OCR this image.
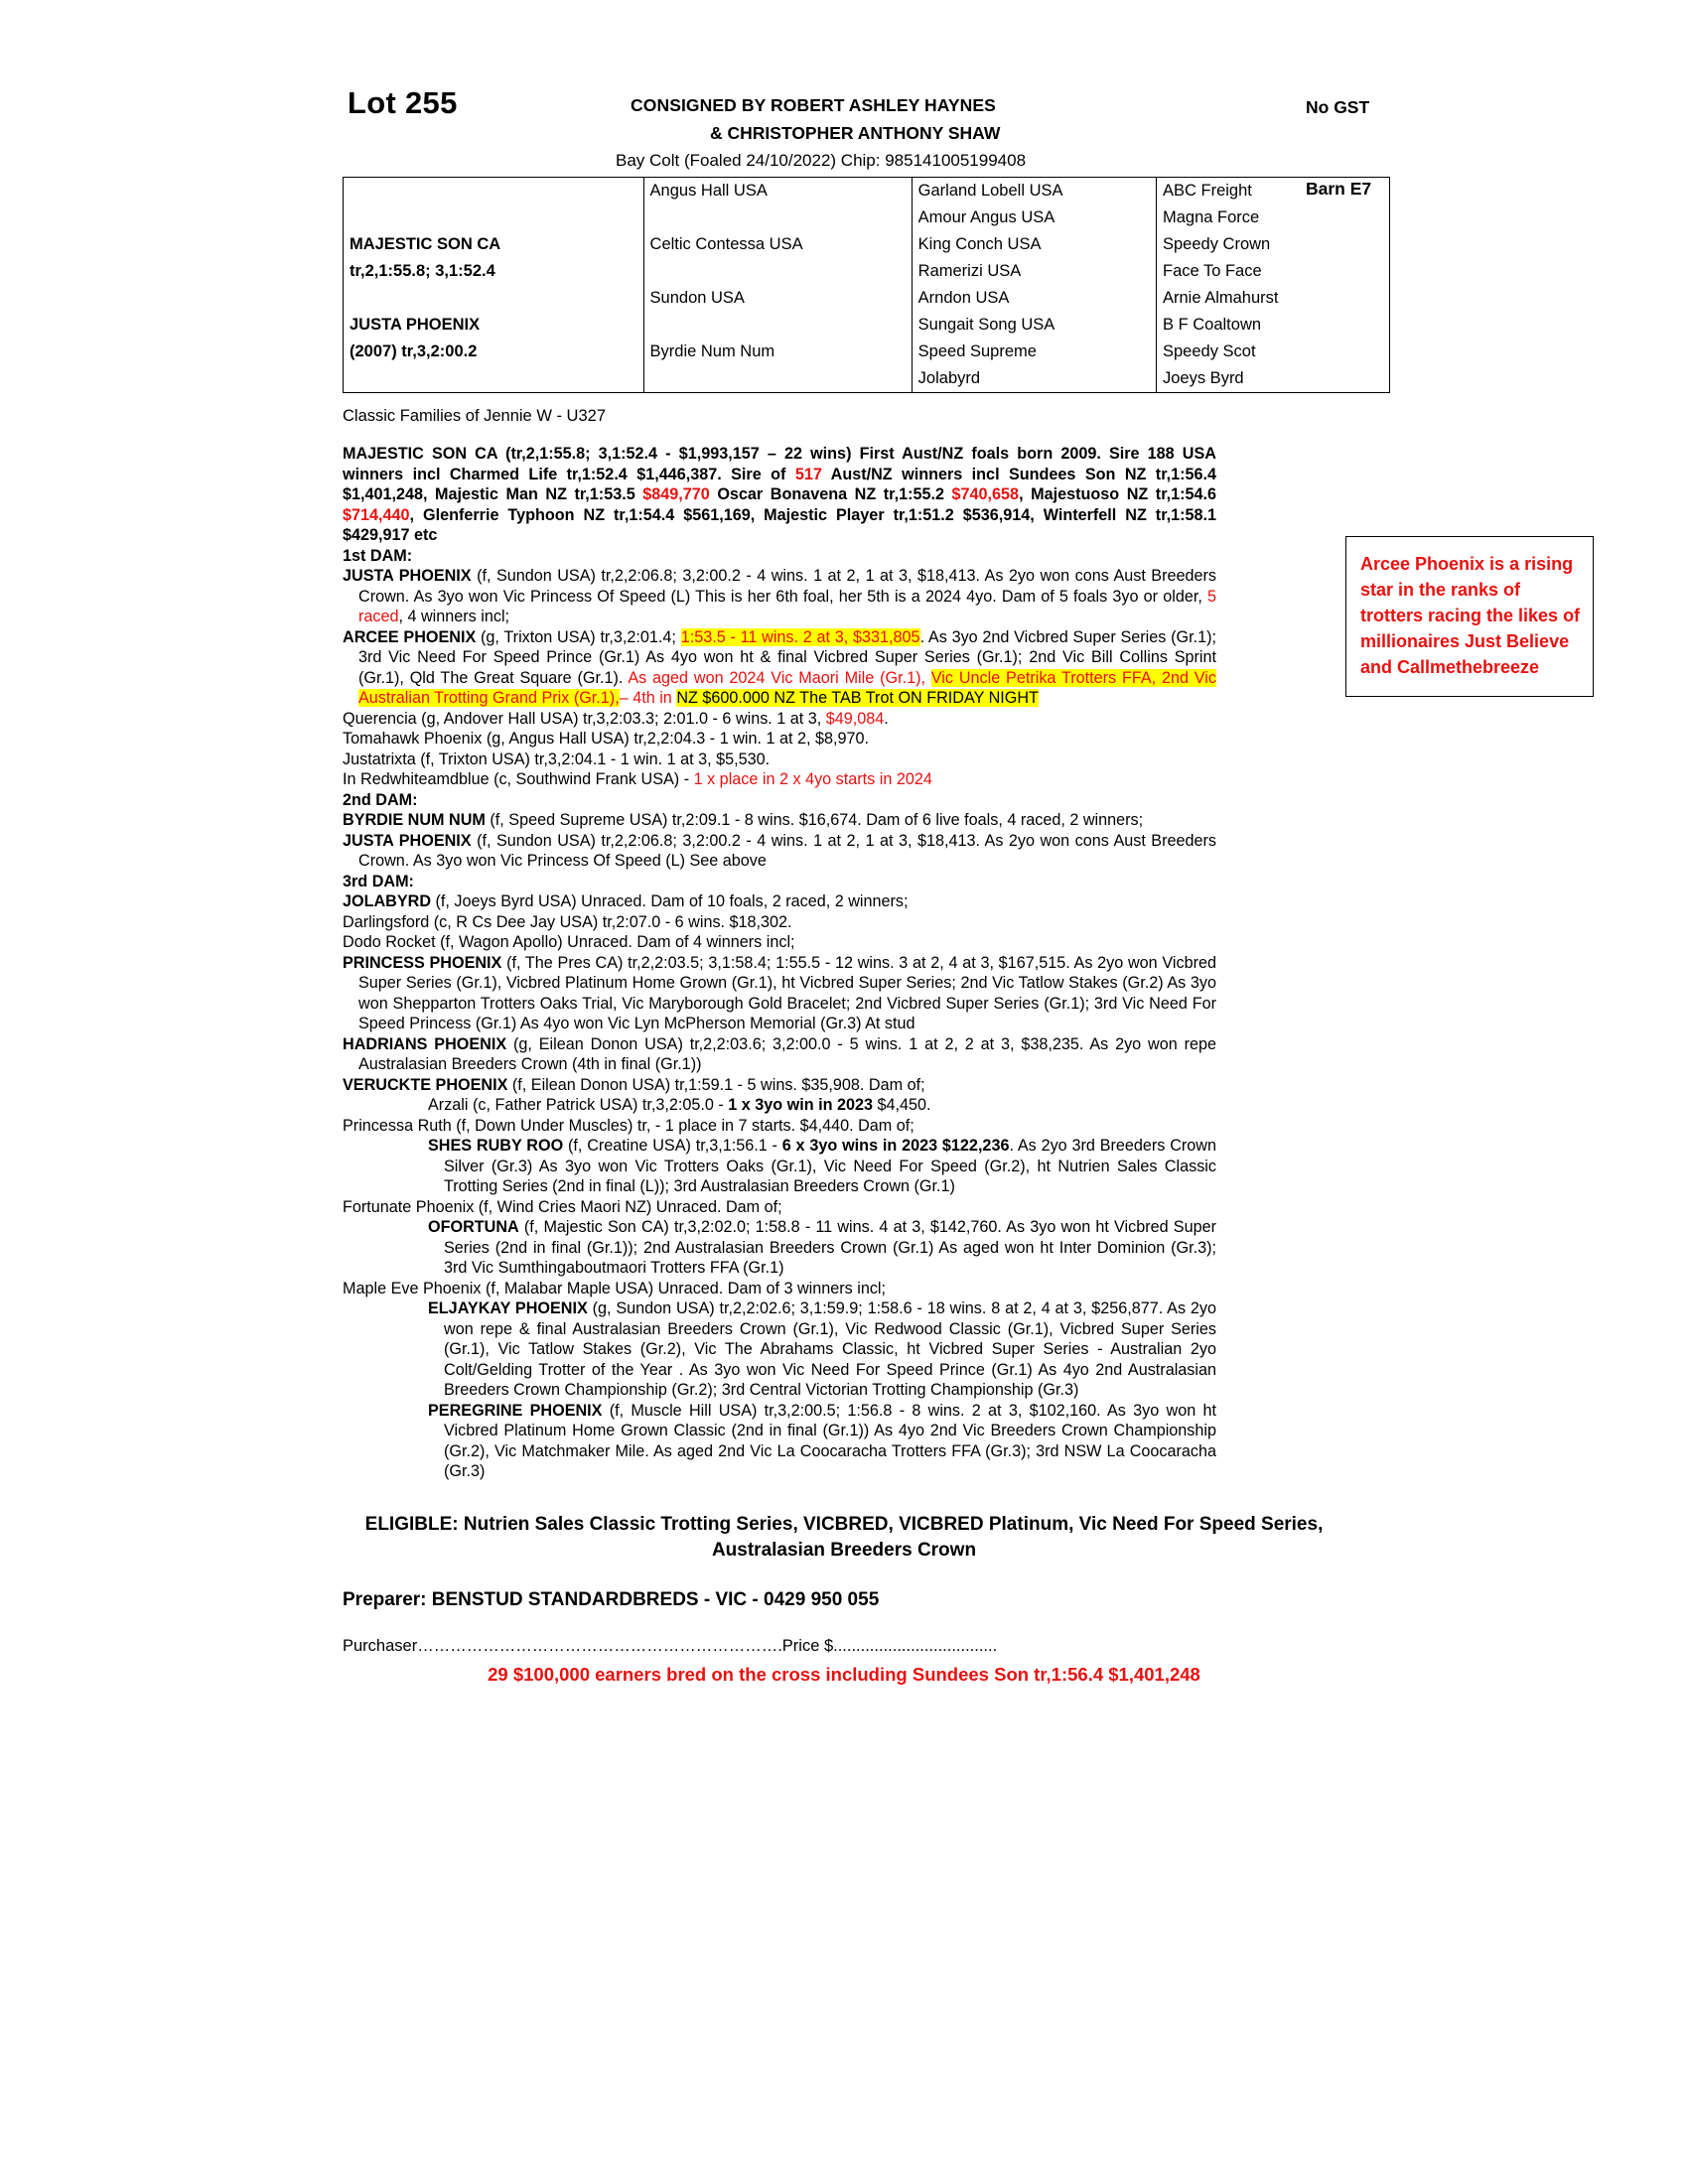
Lot 255	CONSIGNED BY ROBERT ASHLEY HAYNES
& CHRISTOPHER ANTHONY SHAW
Bay Colt (Foaled 24/10/2022) Chip: 985141005199408
No GST
Barn E7
	Angus Hall USA	Garland Lobell USA	ABC Freight
		Amour Angus USA	Magna Force
MAJESTIC SON CA	Celtic Contessa USA	King Conch USA	Speedy Crown
tr,2,1:55.8; 3,1:52.4		Ramerizi USA	Face To Face
	Sundon USA	Arndon USA	Arnie Almahurst
JUSTA PHOENIX		Sungait Song USA	B F Coaltown
(2007) tr,3,2:00.2	Byrdie Num Num	Speed Supreme	Speedy Scot
		Jolabyrd	Joeys Byrd
Classic Families of Jennie W - U327
Arcee Phoenix is a rising star in the ranks of trotters racing the likes of millionaires Just Believe and Callmethebreeze

MAJESTIC SON CA (tr,2,1:55.8; 3,1:52.4 - $1,993,157 – 22 wins) First Aust/NZ foals born 2009. Sire 188 USA winners incl Charmed Life tr,1:52.4 $1,446,387. Sire of 517 Aust/NZ winners incl Sundees Son NZ tr,1:56.4 $1,401,248, Majestic Man NZ tr,1:53.5 $849,770 Oscar Bonavena NZ tr,1:55.2 $740,658, Majestuoso NZ tr,1:54.6 $714,440, Glenferrie Typhoon NZ tr,1:54.4 $561,169, Majestic Player tr,1:51.2 $536,914, Winterfell NZ tr,1:58.1 $429,917 etc

1st DAM:

JUSTA PHOENIX (f, Sundon USA) tr,2,2:06.8; 3,2:00.2 - 4 wins. 1 at 2, 1 at 3, $18,413. As 2yo won cons Aust Breeders Crown. As 3yo won Vic Princess Of Speed (L) This is her 6th foal, her 5th is a 2024 4yo. Dam of 5 foals 3yo or older, 5 raced, 4 winners incl;

ARCEE PHOENIX (g, Trixton USA) tr,3,2:01.4; 1:53.5 - 11 wins. 2 at 3, $331,805. As 3yo 2nd Vicbred Super Series (Gr.1); 3rd Vic Need For Speed Prince (Gr.1) As 4yo won ht & final Vicbred Super Series (Gr.1); 2nd Vic Bill Collins Sprint (Gr.1), Qld The Great Square (Gr.1). As aged won 2024 Vic Maori Mile (Gr.1), Vic Uncle Petrika Trotters FFA, 2nd Vic Australian Trotting Grand Prix (Gr.1),– 4th in NZ $600.000 NZ The TAB Trot ON FRIDAY NIGHT

Querencia (g, Andover Hall USA) tr,3,2:03.3; 2:01.0 - 6 wins. 1 at 3, $49,084.

Tomahawk Phoenix (g, Angus Hall USA) tr,2,2:04.3 - 1 win. 1 at 2, $8,970.

Justatrixta (f, Trixton USA) tr,3,2:04.1 - 1 win. 1 at 3, $5,530.

In Redwhiteamdblue (c, Southwind Frank USA) - 1 x place in 2 x 4yo starts in 2024

2nd DAM:

BYRDIE NUM NUM (f, Speed Supreme USA) tr,2:09.1 - 8 wins. $16,674. Dam of 6 live foals, 4 raced, 2 winners;

JUSTA PHOENIX (f, Sundon USA) tr,2,2:06.8; 3,2:00.2 - 4 wins. 1 at 2, 1 at 3, $18,413. As 2yo won cons Aust Breeders Crown. As 3yo won Vic Princess Of Speed (L) See above

3rd DAM:

JOLABYRD (f, Joeys Byrd USA) Unraced. Dam of 10 foals, 2 raced, 2 winners;

Darlingsford (c, R Cs Dee Jay USA) tr,2:07.0 - 6 wins. $18,302.

Dodo Rocket (f, Wagon Apollo) Unraced. Dam of 4 winners incl;

PRINCESS PHOENIX (f, The Pres CA) tr,2,2:03.5; 3,1:58.4; 1:55.5 - 12 wins. 3 at 2, 4 at 3, $167,515. As 2yo won Vicbred Super Series (Gr.1), Vicbred Platinum Home Grown (Gr.1), ht Vicbred Super Series; 2nd Vic Tatlow Stakes (Gr.2) As 3yo won Shepparton Trotters Oaks Trial, Vic Maryborough Gold Bracelet; 2nd Vicbred Super Series (Gr.1); 3rd Vic Need For Speed Princess (Gr.1) As 4yo won Vic Lyn McPherson Memorial (Gr.3) At stud

HADRIANS PHOENIX (g, Eilean Donon USA) tr,2,2:03.6; 3,2:00.0 - 5 wins. 1 at 2, 2 at 3, $38,235. As 2yo won repe Australasian Breeders Crown (4th in final (Gr.1))

VERUCKTE PHOENIX (f, Eilean Donon USA) tr,1:59.1 - 5 wins. $35,908. Dam of;

Arzali (c, Father Patrick USA) tr,3,2:05.0 - 1 x 3yo win in 2023 $4,450.

Princessa Ruth (f, Down Under Muscles) tr, - 1 place in 7 starts. $4,440. Dam of;

SHES RUBY ROO (f, Creatine USA) tr,3,1:56.1 - 6 x 3yo wins in 2023 $122,236. As 2yo 3rd Breeders Crown Silver (Gr.3) As 3yo won Vic Trotters Oaks (Gr.1), Vic Need For Speed (Gr.2), ht Nutrien Sales Classic Trotting Series (2nd in final (L)); 3rd Australasian Breeders Crown (Gr.1)

Fortunate Phoenix (f, Wind Cries Maori NZ) Unraced. Dam of;

OFORTUNA (f, Majestic Son CA) tr,3,2:02.0; 1:58.8 - 11 wins. 4 at 3, $142,760. As 3yo won ht Vicbred Super Series (2nd in final (Gr.1)); 2nd Australasian Breeders Crown (Gr.1) As aged won ht Inter Dominion (Gr.3); 3rd Vic Sumthingaboutmaori Trotters FFA (Gr.1)

Maple Eve Phoenix (f, Malabar Maple USA) Unraced. Dam of 3 winners incl;

ELJAYKAY PHOENIX (g, Sundon USA) tr,2,2:02.6; 3,1:59.9; 1:58.6 - 18 wins. 8 at 2, 4 at 3, $256,877. As 2yo won repe & final Australasian Breeders Crown (Gr.1), Vic Redwood Classic (Gr.1), Vicbred Super Series (Gr.1), Vic Tatlow Stakes (Gr.2), Vic The Abrahams Classic, ht Vicbred Super Series - Australian 2yo Colt/Gelding Trotter of the Year . As 3yo won Vic Need For Speed Prince (Gr.1) As 4yo 2nd Australasian Breeders Crown Championship (Gr.2); 3rd Central Victorian Trotting Championship (Gr.3)

PEREGRINE PHOENIX (f, Muscle Hill USA) tr,3,2:00.5; 1:56.8 - 8 wins. 2 at 3, $102,160. As 3yo won ht Vicbred Platinum Home Grown Classic (2nd in final (Gr.1)) As 4yo 2nd Vic Breeders Crown Championship (Gr.2), Vic Matchmaker Mile. As aged 2nd Vic La Coocaracha Trotters FFA (Gr.3); 3rd NSW La Coocaracha (Gr.3)

ELIGIBLE: Nutrien Sales Classic Trotting Series, VICBRED, VICBRED Platinum, Vic Need For Speed Series, Australasian Breeders Crown
Preparer: BENSTUD STANDARDBREDS - VIC - 0429 950 055
Purchaser………………………………………………………….Price $....................................
29 $100,000 earners bred on the cross including Sundees Son tr,1:56.4 $1,401,248
